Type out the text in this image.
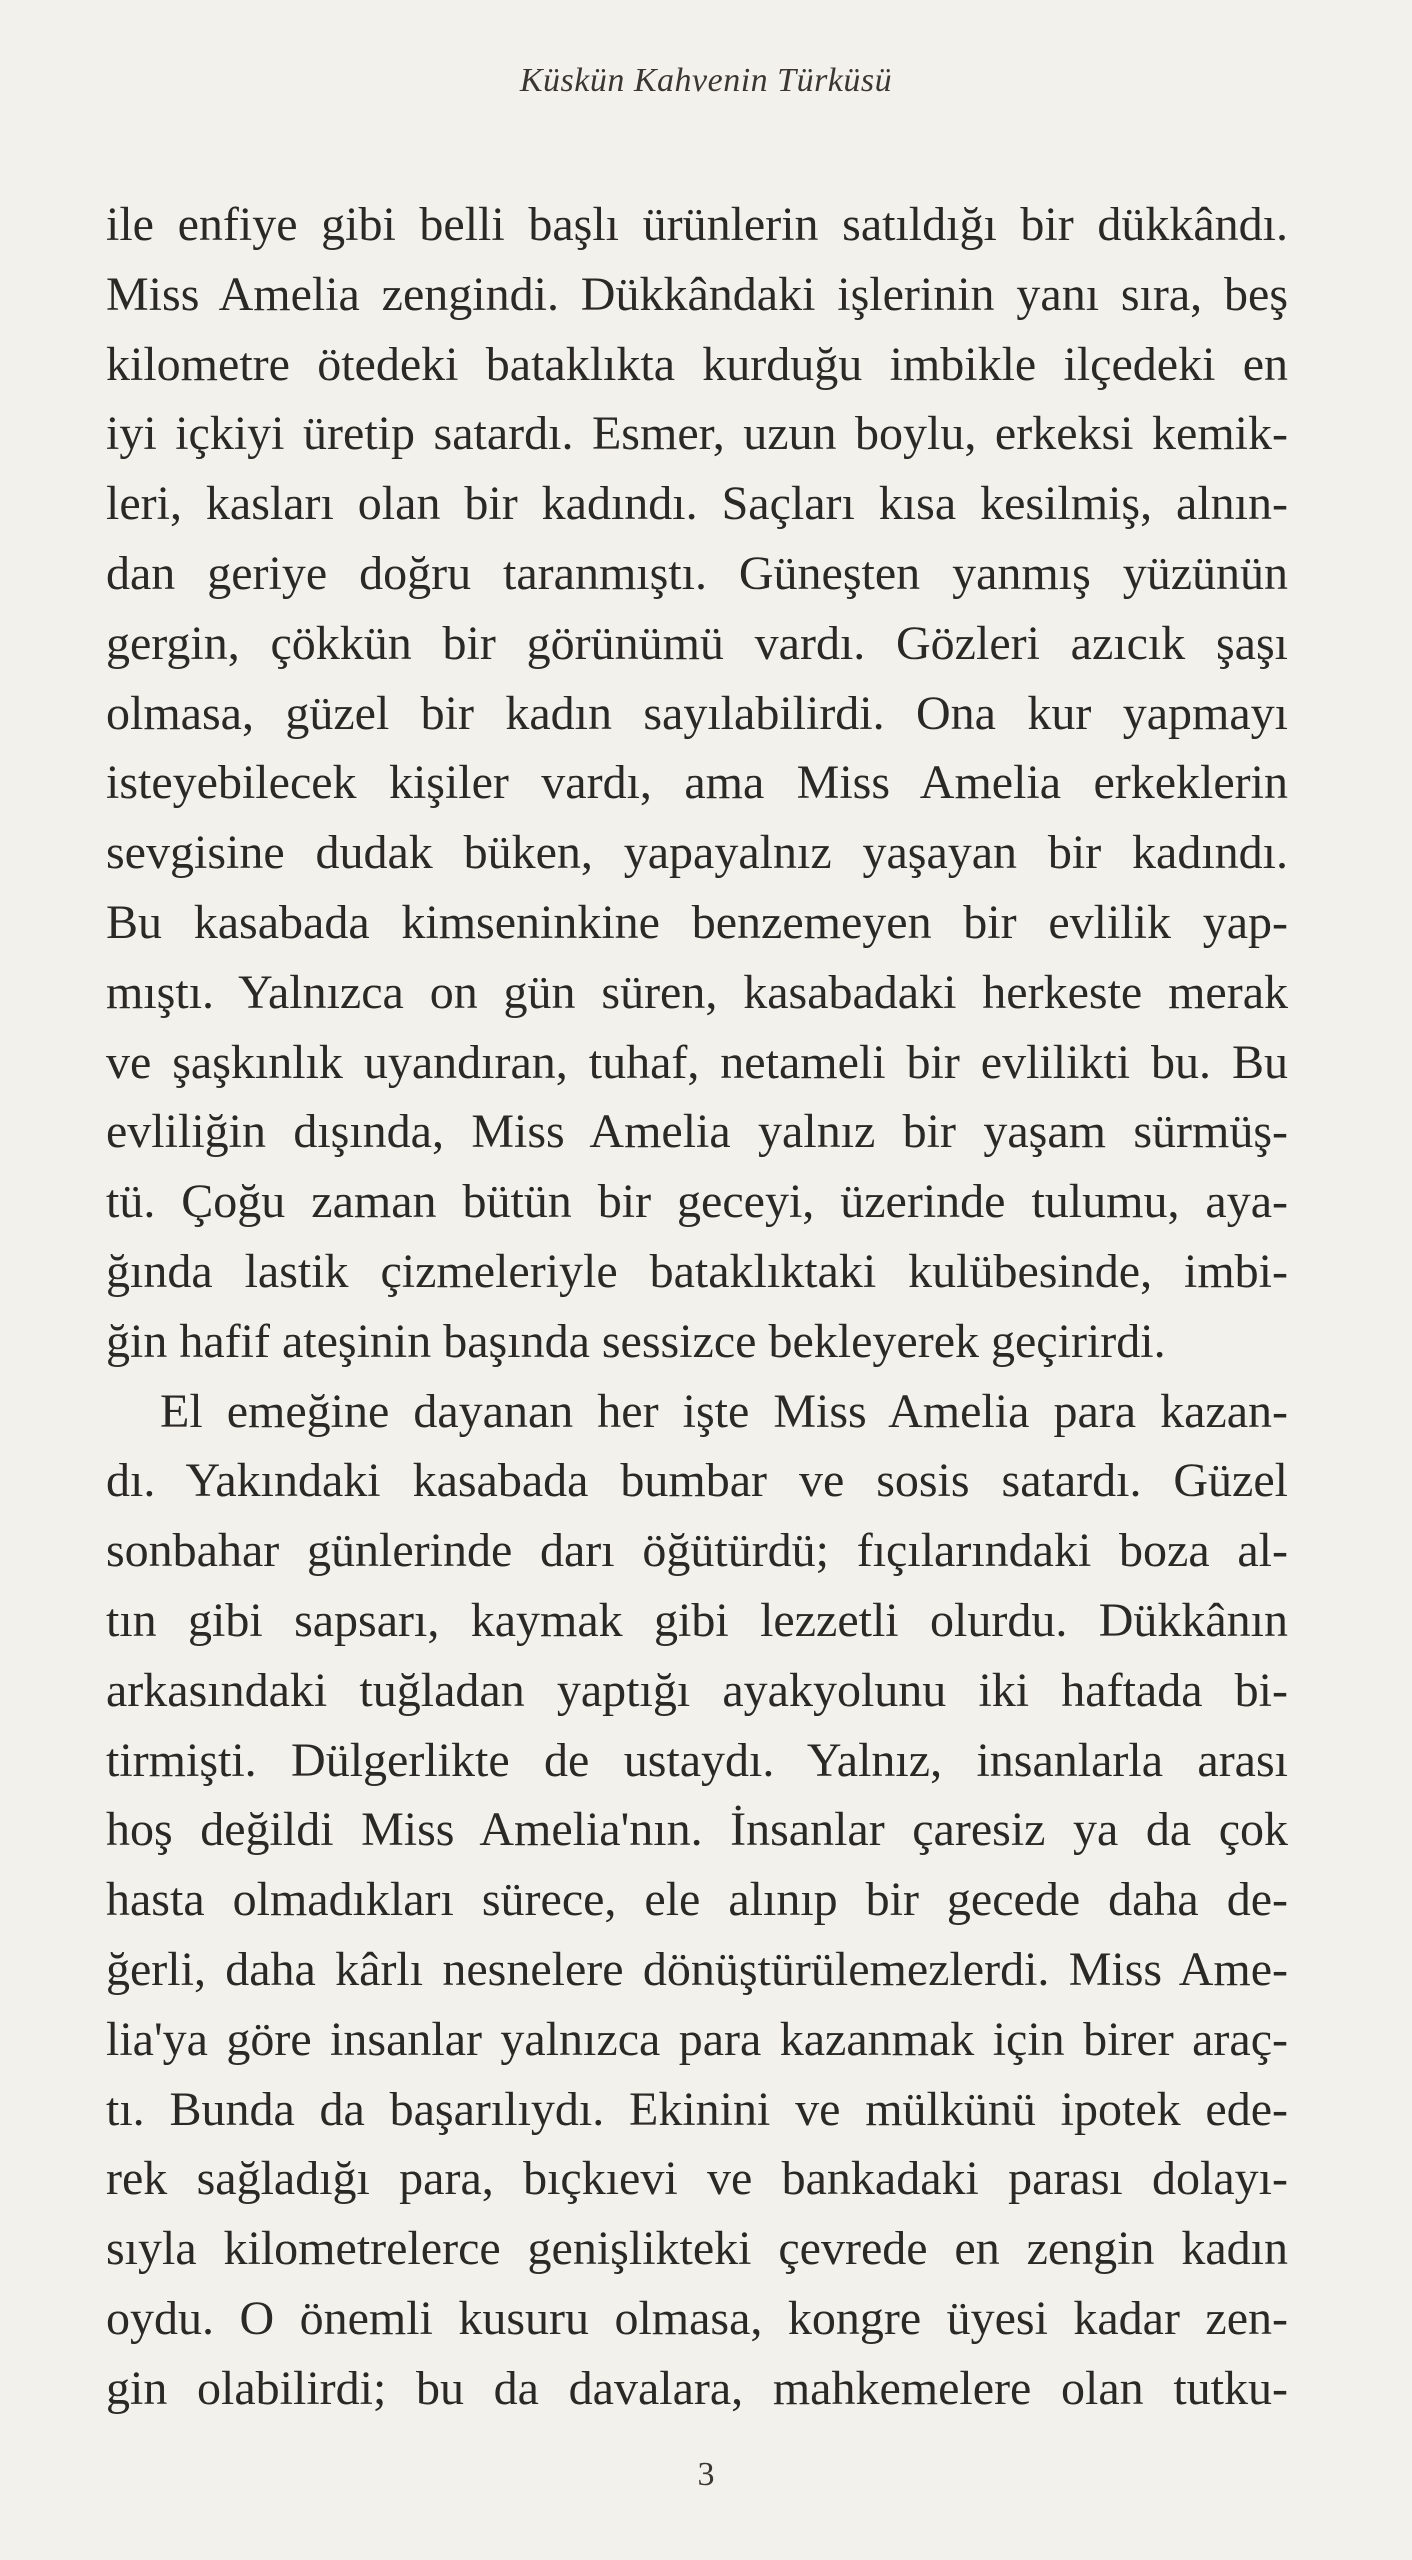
Küskün Kahvenin Türküsü
ile enfiye gibi belli başlı ürünlerin satıldığı bir dükkândı.
Miss Amelia zengindi. Dükkândaki işlerinin yanı sıra, beş
kilometre ötedeki bataklıkta kurduğu imbikle ilçedeki en
iyi içkiyi üretip satardı. Esmer, uzun boylu, erkeksi kemik-
leri, kasları olan bir kadındı. Saçları kısa kesilmiş, alnın-
dan geriye doğru taranmıştı. Güneşten yanmış yüzünün
gergin, çökkün bir görünümü vardı. Gözleri azıcık şaşı
olmasa, güzel bir kadın sayılabilirdi. Ona kur yapmayı
isteyebilecek kişiler vardı, ama Miss Amelia erkeklerin
sevgisine dudak büken, yapayalnız yaşayan bir kadındı.
Bu kasabada kimseninkine benzemeyen bir evlilik yap-
mıştı. Yalnızca on gün süren, kasabadaki herkeste merak
ve şaşkınlık uyandıran, tuhaf, netameli bir evlilikti bu. Bu
evliliğin dışında, Miss Amelia yalnız bir yaşam sürmüş-
tü. Çoğu zaman bütün bir geceyi, üzerinde tulumu, aya-
ğında lastik çizmeleriyle bataklıktaki kulübesinde, imbi-
ğin hafif ateşinin başında sessizce bekleyerek geçirirdi.
El emeğine dayanan her işte Miss Amelia para kazan-
dı. Yakındaki kasabada bumbar ve sosis satardı. Güzel
sonbahar günlerinde darı öğütürdü; fıçılarındaki boza al-
tın gibi sapsarı, kaymak gibi lezzetli olurdu. Dükkânın
arkasındaki tuğladan yaptığı ayakyolunu iki haftada bi-
tirmişti. Dülgerlikte de ustaydı. Yalnız, insanlarla arası
hoş değildi Miss Amelia'nın. İnsanlar çaresiz ya da çok
hasta olmadıkları sürece, ele alınıp bir gecede daha de-
ğerli, daha kârlı nesnelere dönüştürülemezlerdi. Miss Ame-
lia'ya göre insanlar yalnızca para kazanmak için birer araç-
tı. Bunda da başarılıydı. Ekinini ve mülkünü ipotek ede-
rek sağladığı para, bıçkıevi ve bankadaki parası dolayı-
sıyla kilometrelerce genişlikteki çevrede en zengin kadın
oydu. O önemli kusuru olmasa, kongre üyesi kadar zen-
gin olabilirdi; bu da davalara, mahkemelere olan tutku-
3
